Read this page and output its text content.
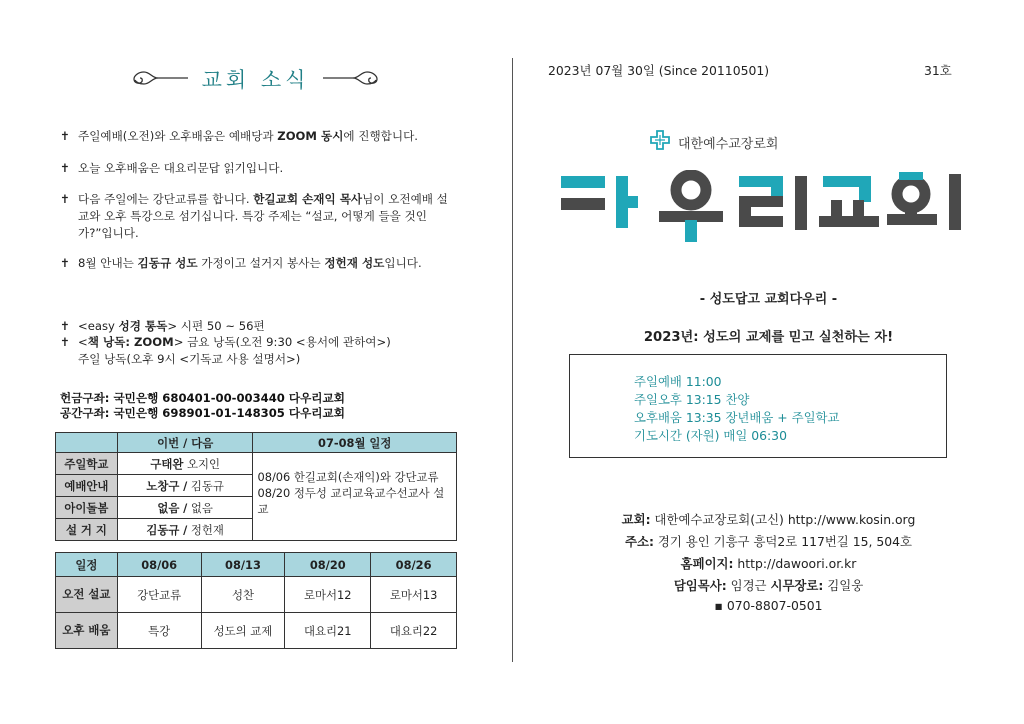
교회 소식
✝ 주일예배(오전)와 오후배움은 예배당과 ZOOM 동시에 진행합니다.
✝ 오늘 오후배움은 대요리문답 읽기입니다.
✝ 다음 주일에는 강단교류를 합니다. 한길교회 손재익 목사님이 오전예배 설교와 오후 특강으로 섬기십니다. 특강 주제는 “설교, 어떻게 들을 것인가?”입니다.
✝ 8월 안내는 김동규 성도 가정이고 설거지 봉사는 정헌재 성도입니다.
✝ <easy 성경 통독> 시편 50 ~ 56편
✝ <책 낭독: ZOOM> 금요 낭독(오전 9:30 <용서에 관하여>)
주일 낭독(오후 9시 <기독교 사용 설명서>)
헌금구좌: 국민은행 680401-00-003440 다우리교회
공간구좌: 국민은행 698901-01-148305 다우리교회
	이번 / 다음	07-08월 일정
주일학교	구태완 오지인	08/06 한길교회(손재익)와 강단교류
08/20 정두성 교리교육교수선교사 설교

예배안내	노창구 / 김동규	
아이돌봄	없음 / 없음	
설 거 지	김동규 / 정헌재	
일정	08/06	08/13	08/20	08/26
오전 설교	강단교류	성찬	로마서12	로마서13
오후 배움	특강	성도의 교제	대요리21	대요리22
2023년 07월 30일 (Since 20110501)	31호
대한예수교장로회
- 성도답고 교회다우리 -
2023년: 성도의 교제를 믿고 실천하는 자!
주일예배 11:00
주일오후 13:15 찬양
오후배움 13:35 장년배움 + 주일학교
기도시간 (자원) 매일 06:30
교회: 대한예수교장로회(고신) http://www.kosin.org
주소: 경기 용인 기흥구 흥덕2로 117번길 15, 504호
홈페이지: http://dawoori.or.kr
담임목사: 임경근 시무장로: 김일웅
▪ 070-8807-0501
